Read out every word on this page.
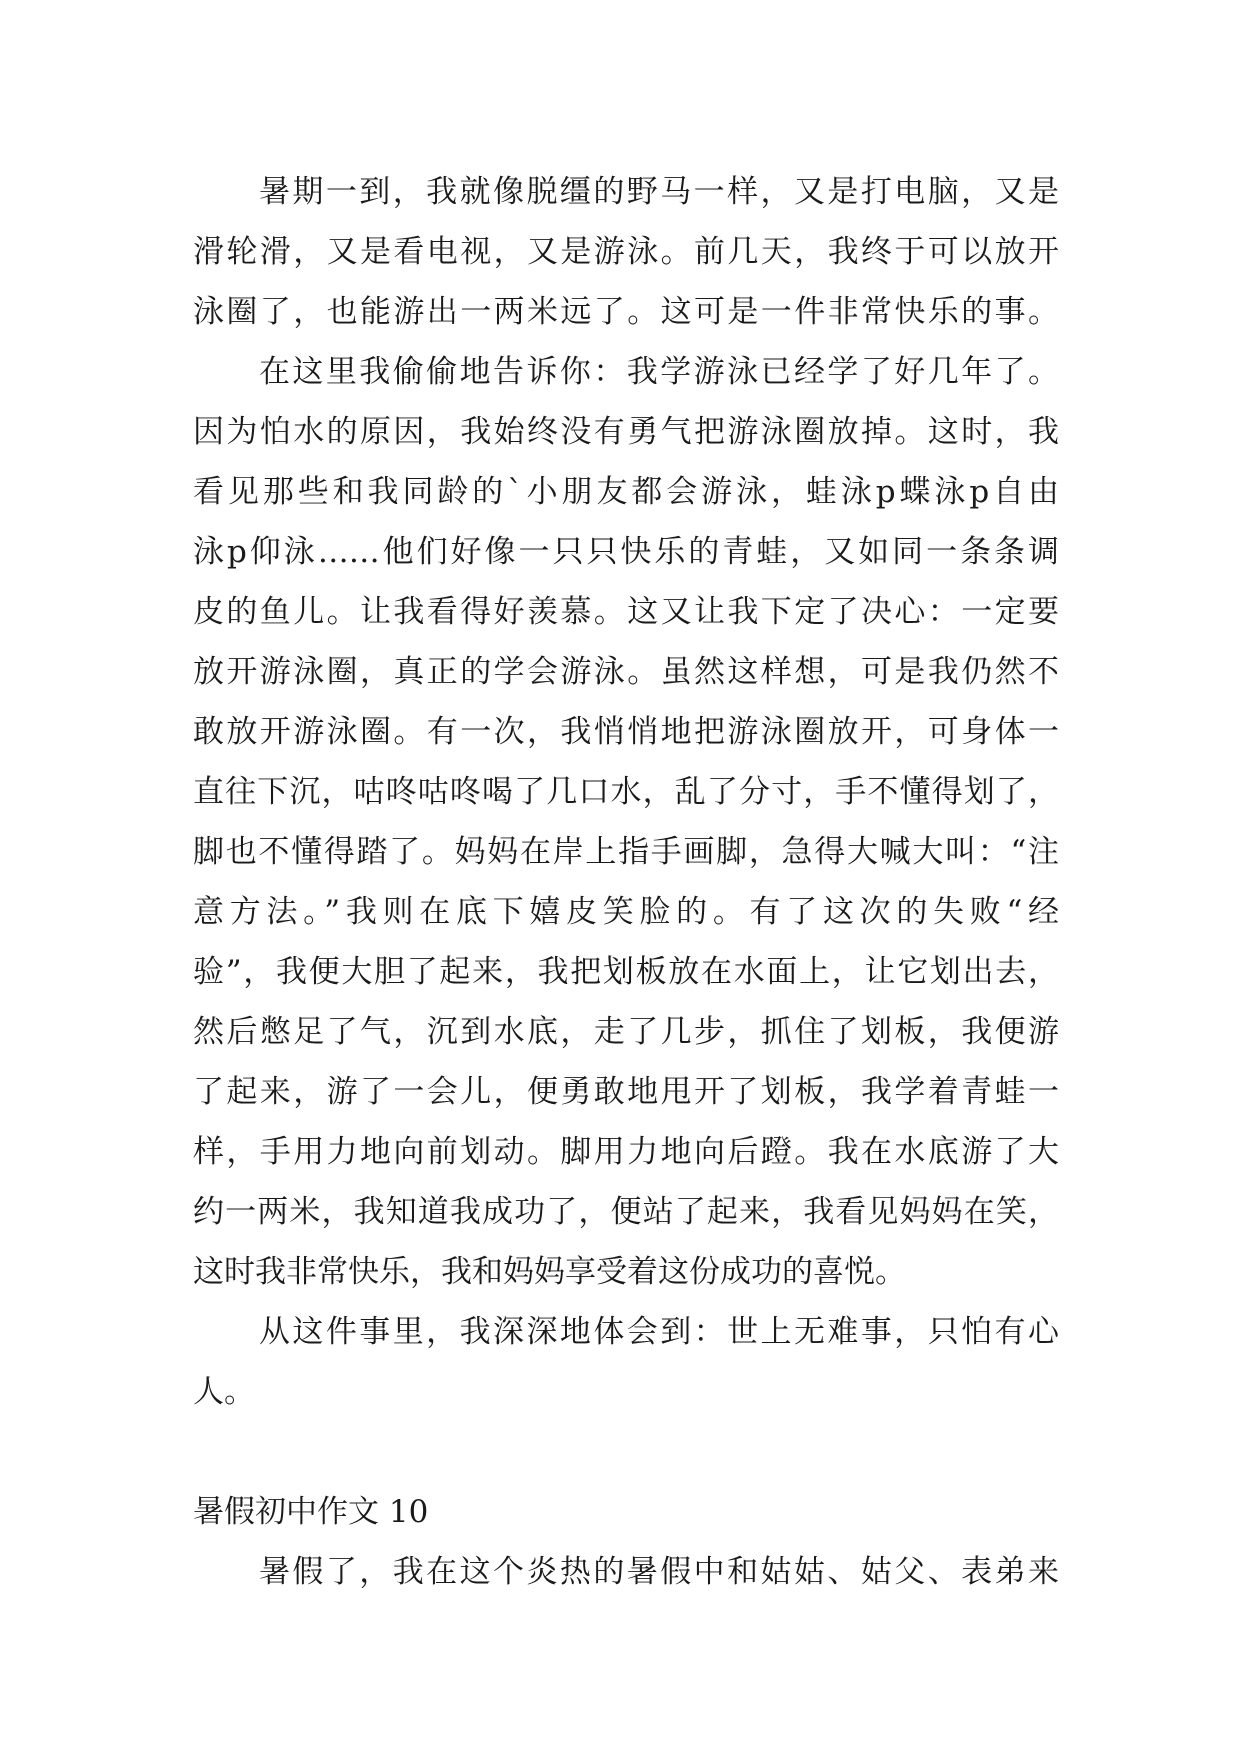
暑期一到，我就像脱缰的野马一样，又是打电脑，又是
滑轮滑，又是看电视，又是游泳。前几天，我终于可以放开
泳圈了，也能游出一两米远了。这可是一件非常快乐的事。
在这里我偷偷地告诉你：我学游泳已经学了好几年了。
因为怕水的原因，我始终没有勇气把游泳圈放掉。这时，我
看见那些和我同龄的`小朋友都会游泳，蛙泳p蝶泳p自由
泳p仰泳……他们好像一只只快乐的青蛙，又如同一条条调
皮的鱼儿。让我看得好羡慕。这又让我下定了决心：一定要
放开游泳圈，真正的学会游泳。虽然这样想，可是我仍然不
敢放开游泳圈。有一次，我悄悄地把游泳圈放开，可身体一
直往下沉，咕咚咕咚喝了几口水，乱了分寸，手不懂得划了，
脚也不懂得踏了。妈妈在岸上指手画脚，急得大喊大叫：“注
意方法。”我则在底下嬉皮笑脸的。有了这次的失败“经
验”，我便大胆了起来，我把划板放在水面上，让它划出去，
然后憋足了气，沉到水底，走了几步，抓住了划板，我便游
了起来，游了一会儿，便勇敢地甩开了划板，我学着青蛙一
样，手用力地向前划动。脚用力地向后蹬。我在水底游了大
约一两米，我知道我成功了，便站了起来，我看见妈妈在笑，
这时我非常快乐，我和妈妈享受着这份成功的喜悦。
从这件事里，我深深地体会到：世上无难事，只怕有心
人。
暑假初中作文 10
暑假了，我在这个炎热的暑假中和姑姑、姑父、表弟来
